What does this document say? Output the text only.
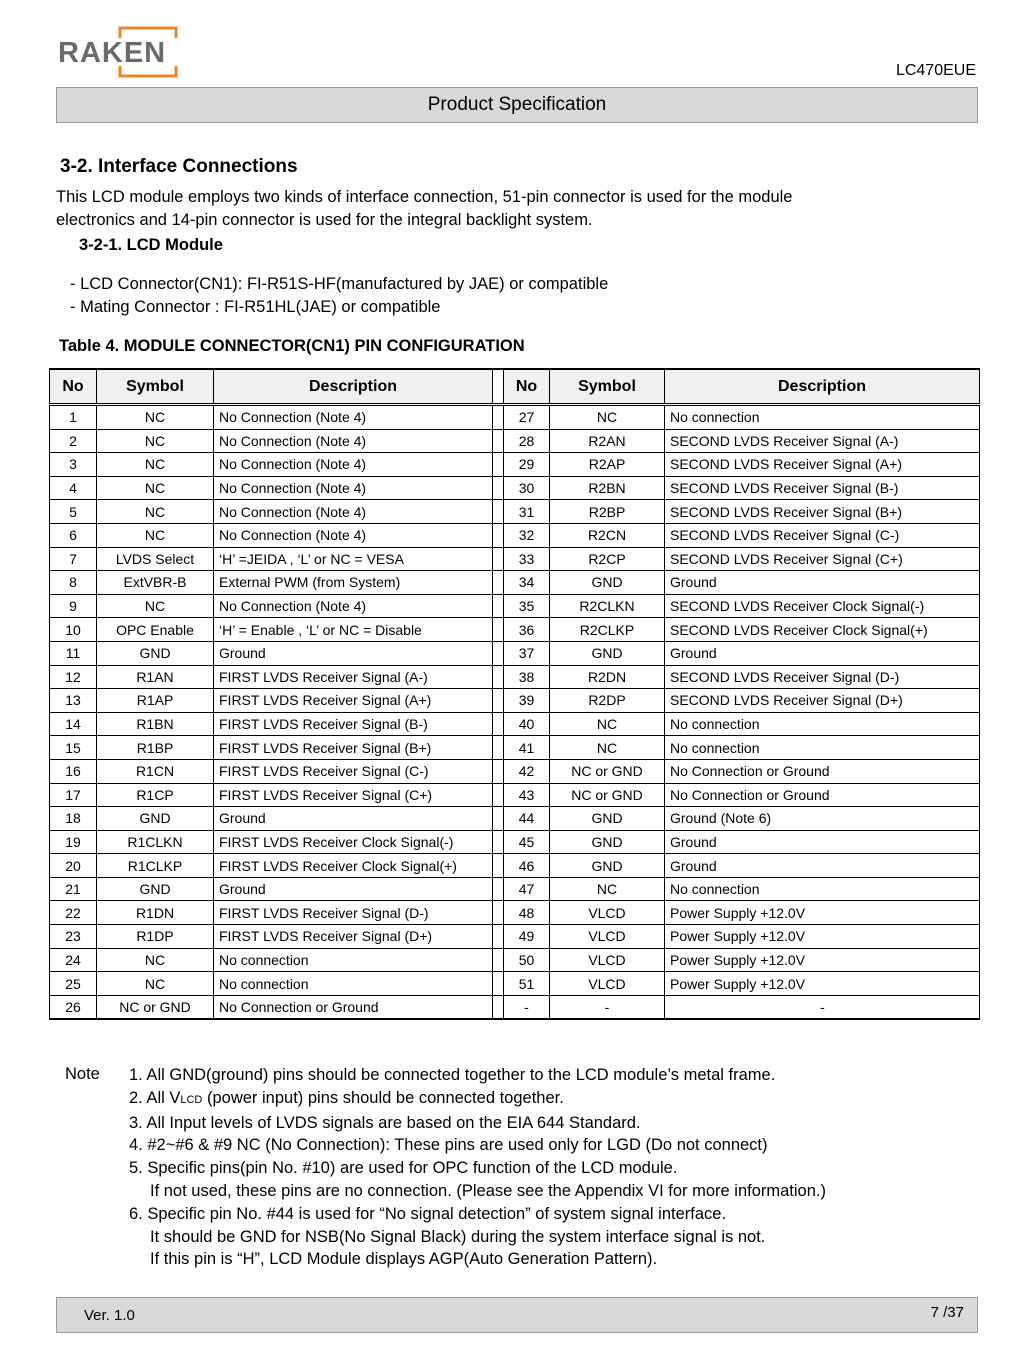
RAKEN
LC470EUE
Product Specification
3-2. Interface Connections
This LCD module employs two kinds of interface connection, 51-pin connector is used for the module
electronics and 14-pin connector is used for the integral backlight system.
3-2-1. LCD Module
- LCD Connector(CN1): FI-R51S-HF(manufactured by JAE) or compatible
- Mating Connector : FI-R51HL(JAE) or compatible
Table 4. MODULE CONNECTOR(CN1) PIN CONFIGURATION
No	Symbol	Description		No	Symbol	Description
1	NC	No Connection (Note 4)		27	NC	No connection
2	NC	No Connection (Note 4)		28	R2AN	SECOND LVDS Receiver Signal (A-)
3	NC	No Connection (Note 4)		29	R2AP	SECOND LVDS Receiver Signal (A+)
4	NC	No Connection (Note 4)		30	R2BN	SECOND LVDS Receiver Signal (B-)
5	NC	No Connection (Note 4)		31	R2BP	SECOND LVDS Receiver Signal (B+)
6	NC	No Connection (Note 4)		32	R2CN	SECOND LVDS Receiver Signal (C-)
7	LVDS Select	‘H’ =JEIDA , ‘L’ or NC = VESA		33	R2CP	SECOND LVDS Receiver Signal (C+)
8	ExtVBR-B	External PWM (from System)		34	GND	Ground
9	NC	No Connection (Note 4)		35	R2CLKN	SECOND LVDS Receiver Clock Signal(-)
10	OPC Enable	‘H’ = Enable , ‘L’ or NC = Disable		36	R2CLKP	SECOND LVDS Receiver Clock Signal(+)
11	GND	Ground		37	GND	Ground
12	R1AN	FIRST LVDS Receiver Signal (A-)		38	R2DN	SECOND LVDS Receiver Signal (D-)
13	R1AP	FIRST LVDS Receiver Signal (A+)		39	R2DP	SECOND LVDS Receiver Signal (D+)
14	R1BN	FIRST LVDS Receiver Signal (B-)		40	NC	No connection
15	R1BP	FIRST LVDS Receiver Signal (B+)		41	NC	No connection
16	R1CN	FIRST LVDS Receiver Signal (C-)		42	NC or GND	No Connection or Ground
17	R1CP	FIRST LVDS Receiver Signal (C+)		43	NC or GND	No Connection or Ground
18	GND	Ground		44	GND	Ground (Note 6)
19	R1CLKN	FIRST LVDS Receiver Clock Signal(-)		45	GND	Ground
20	R1CLKP	FIRST LVDS Receiver Clock Signal(+)		46	GND	Ground
21	GND	Ground		47	NC	No connection
22	R1DN	FIRST LVDS Receiver Signal (D-)		48	VLCD	Power Supply +12.0V
23	R1DP	FIRST LVDS Receiver Signal (D+)		49	VLCD	Power Supply +12.0V
24	NC	No connection		50	VLCD	Power Supply +12.0V
25	NC	No connection		51	VLCD	Power Supply +12.0V
26	NC or GND	No Connection or Ground		-	-	-
Note 1. All GND(ground) pins should be connected together to the LCD module’s metal frame.
2. All VLCD (power input) pins should be connected together.
3. All Input levels of LVDS signals are based on the EIA 644 Standard.
4. #2~#6 & #9 NC (No Connection): These pins are used only for LGD (Do not connect)
5. Specific pins(pin No. #10) are used for OPC function of the LCD module.
If not used, these pins are no connection. (Please see the Appendix VI for more information.)
6. Specific pin No. #44 is used for “No signal detection” of system signal interface.
It should be GND for NSB(No Signal Black) during the system interface signal is not.
If this pin is “H”, LCD Module displays AGP(Auto Generation Pattern).
Ver. 1.0	7 /37
